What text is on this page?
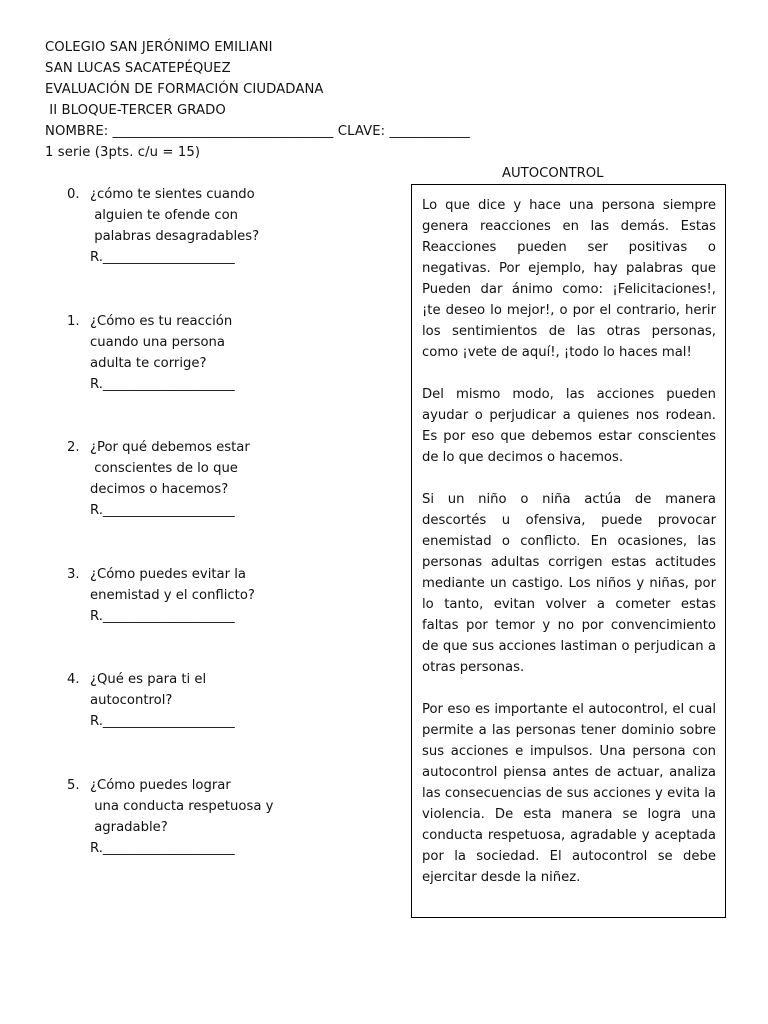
COLEGIO SAN JERÓNIMO EMILIANI
SAN LUCAS SACATEPÉQUEZ
EVALUACIÓN DE FORMACIÓN CIUDADANA
II BLOQUE-TERCER GRADO
NOMBRE: _________________________________ CLAVE: ____________
1 serie (3pts. c/u = 15)
0. ¿cómo te sientes cuando
alguien te ofende con
palabras desagradables?
R.____________________
1. ¿Cómo es tu reacción
cuando una persona
adulta te corrige?
R.____________________
2. ¿Por qué debemos estar
conscientes de lo que
decimos o hacemos?
R.____________________
3. ¿Cómo puedes evitar la
enemistad y el conflicto?
R.____________________
4. ¿Qué es para ti el
autocontrol?
R.____________________
5. ¿Cómo puedes lograr
una conducta respetuosa y
agradable?
R.____________________
AUTOCONTROL

Lo que dice y hace una persona siempre genera reacciones en las demás. Estas Reacciones pueden ser positivas o negativas. Por ejemplo, hay palabras que Pueden dar ánimo como: ¡Felicitaciones!, ¡te deseo lo mejor!, o por el contrario, herir los sentimientos de las otras personas, como ¡vete de aquí!, ¡todo lo haces mal!

Del mismo modo, las acciones pueden ayudar o perjudicar a quienes nos rodean. Es por eso que debemos estar conscientes de lo que decimos o hacemos.

Si un niño o niña actúa de manera descortés u ofensiva, puede provocar enemistad o conflicto. En ocasiones, las personas adultas corrigen estas actitudes mediante un castigo. Los niños y niñas, por lo tanto, evitan volver a cometer estas faltas por temor y no por convencimiento de que sus acciones lastiman o perjudican a otras personas.

Por eso es importante el autocontrol, el cual permite a las personas tener dominio sobre sus acciones e impulsos. Una persona con autocontrol piensa antes de actuar, analiza las consecuencias de sus acciones y evita la violencia. De esta manera se logra una conducta respetuosa, agradable y aceptada por la sociedad. El autocontrol se debe ejercitar desde la niñez.
